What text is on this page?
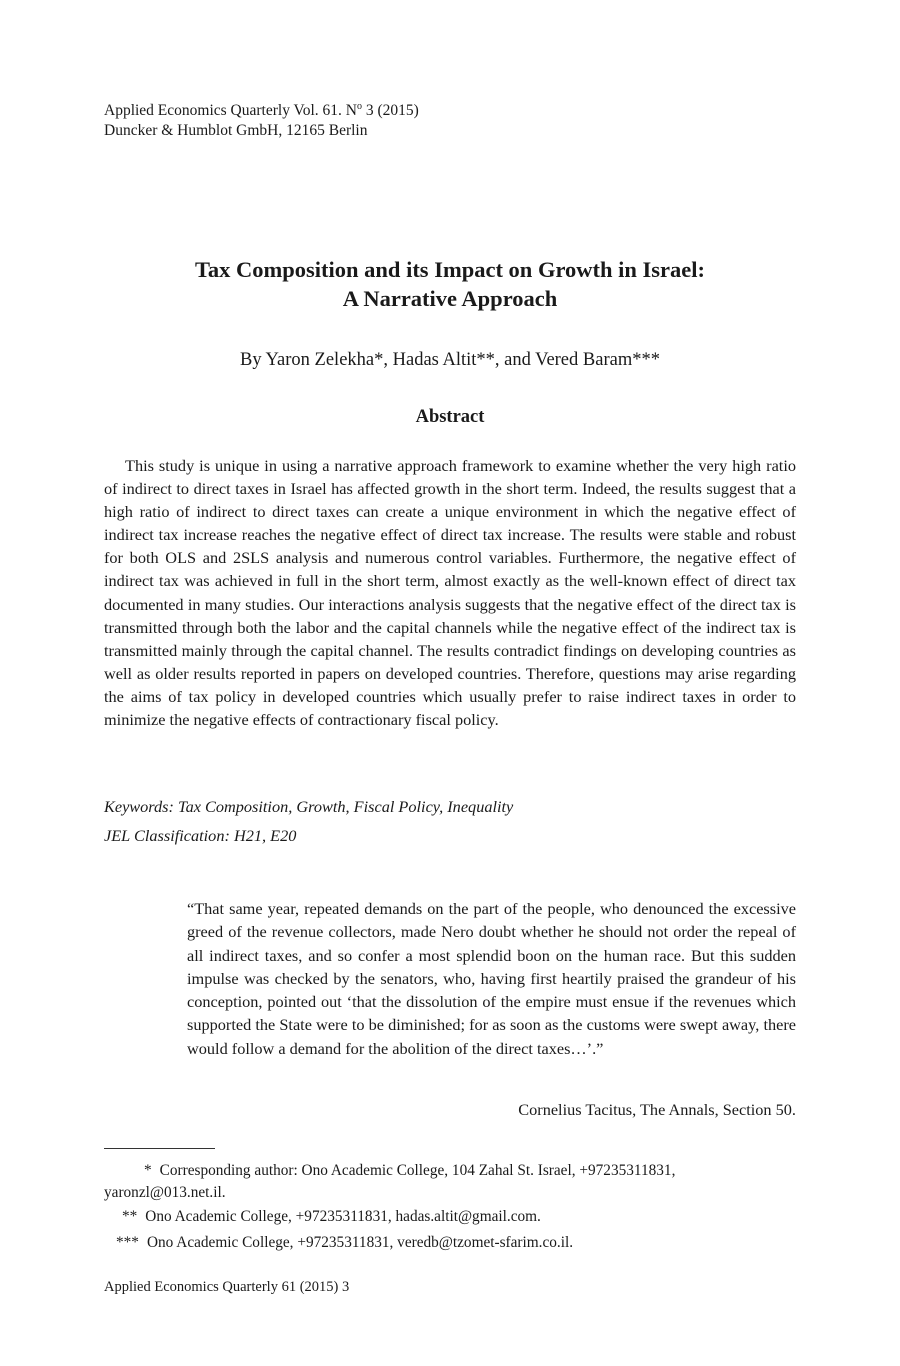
Applied Economics Quarterly Vol. 61. $N^o$ 3 (2015)
Duncker & Humblot GmbH, 12165 Berlin
Tax Composition and its Impact on Growth in Israel:
A Narrative Approach
By Yaron Zelekha*, Hadas Altit**, and Vered Baram***
Abstract

This study is unique in using a narrative approach framework to examine whether the very high ratio of indirect to direct taxes in Israel has affected growth in the short term. Indeed, the results suggest that a high ratio of indirect to direct taxes can create a unique environment in which the negative effect of indirect tax increase reaches the negative effect of direct tax increase. The results were stable and robust for both OLS and 2SLS analysis and numerous control variables. Furthermore, the negative effect of indirect tax was achieved in full in the short term, almost exactly as the well-known effect of direct tax documented in many studies. Our interactions analysis suggests that the negative effect of the direct tax is transmitted through both the labor and the capital channels while the negative effect of the indirect tax is transmitted mainly through the capital channel. The results contradict findings on developing countries as well as older results reported in papers on developed countries. Therefore, questions may arise regarding the aims of tax policy in developed countries which usually prefer to raise indirect taxes in order to minimize the negative effects of contractionary fiscal policy.

Keywords: Tax Composition, Growth, Fiscal Policy, Inequality
JEL Classification: H21, E20

“That same year, repeated demands on the part of the people, who denounced the excessive greed of the revenue collectors, made Nero doubt whether he should not order the repeal of all indirect taxes, and so confer a most splendid boon on the human race. But this sudden impulse was checked by the senators, who, having first heartily praised the grandeur of his conception, pointed out ‘that the dissolution of the empire must ensue if the revenues which supported the State were to be diminished; for as soon as the customs were swept away, there would follow a demand for the abolition of the direct taxes…’.”

Cornelius Tacitus, The Annals, Section 50.

* Corresponding author: Ono Academic College, 104 Zahal St. Israel, +97235311831, yaronzl@013.net.il.

** Ono Academic College, +97235311831, hadas.altit@gmail.com.

*** Ono Academic College, +97235311831, veredb@tzomet-sfarim.co.il.

Applied Economics Quarterly 61 (2015) 3
